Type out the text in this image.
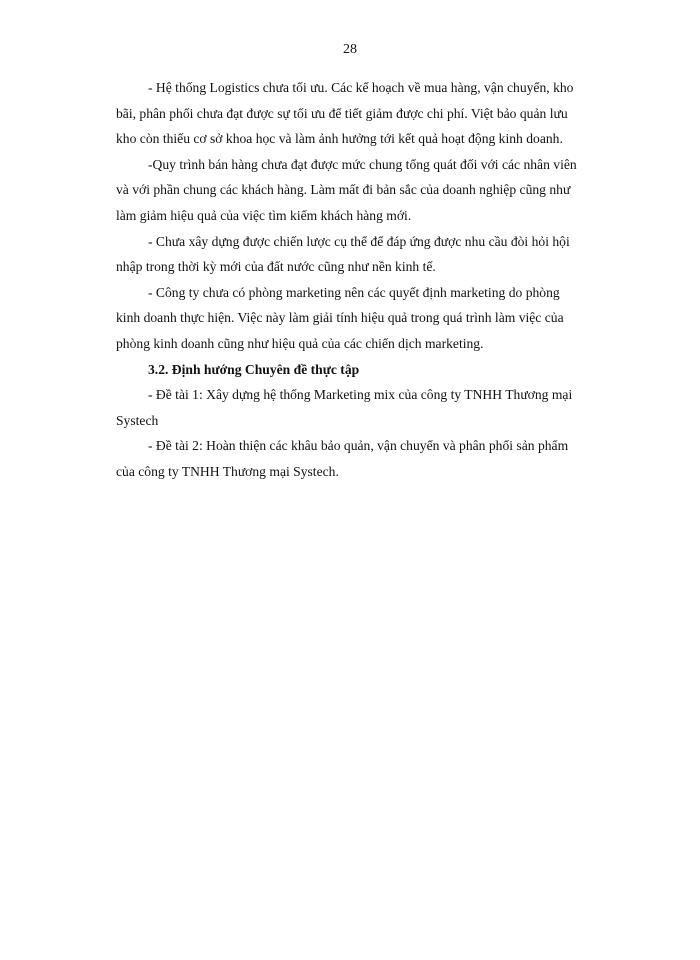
28

- Hệ thống Logistics chưa tối ưu. Các kế hoạch về mua hàng, vận chuyển, kho
bãi, phân phối chưa đạt được sự tối ưu để tiết giảm được chi phí. Việt bảo quản lưu
kho còn thiếu cơ sở khoa học và làm ảnh hưởng tới kết quả hoạt động kinh doanh.

-Quy trình bán hàng chưa đạt được mức chung tổng quát đối với các nhân viên
và với phần chung các khách hàng. Làm mất đi bản sắc của doanh nghiệp cũng như
làm giảm hiệu quả của việc tìm kiếm khách hàng mới.

- Chưa xây dựng được chiến lược cụ thể để đáp ứng được nhu cầu đòi hỏi hội
nhập trong thời kỳ mới của đất nước cũng như nền kinh tế.

- Công ty chưa có phòng marketing nên các quyết định marketing do phòng
kinh doanh thực hiện. Việc này làm giải tính hiệu quả trong quá trình làm việc của
phòng kinh doanh cũng như hiệu quả của các chiến dịch marketing.

3.2. Định hướng Chuyên đề thực tập

- Đề tài 1: Xây dựng hệ thống Marketing mix của công ty TNHH Thương mại
Systech

- Đề tài 2: Hoàn thiện các khâu bảo quản, vận chuyển và phân phối sản phẩm
của công ty TNHH Thương mại Systech.
